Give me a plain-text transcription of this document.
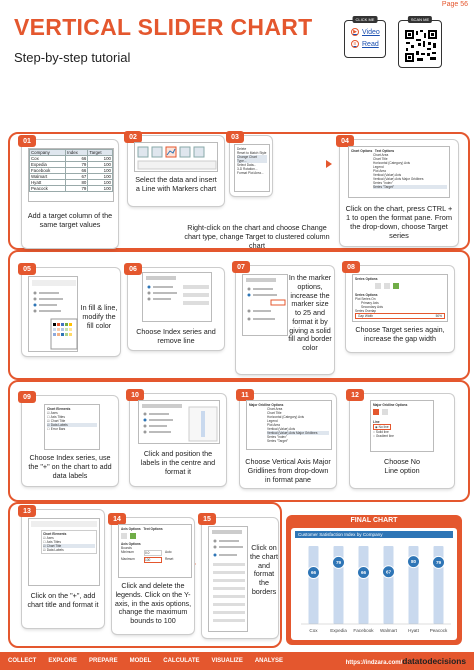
Page 56
VERTICAL SLIDER CHART
Step-by-step tutorial
CLICK ME
▶ Video
≡ Read
SCAN ME
01
Company	Index	Target
Cox	66	100
Expedia	79	100
Facebook	66	100
Walmart	67	100
Hyatt	80	100
Peacock	79	100
Add a target column of the same target values
02
Select the data and insert a Line with Markers chart
03
Delete
Reset to Match Style
Change Chart Type...
Select Data...
3-D Rotation...
Format Plot Area...
Right-click on the chart and choose Change chart type, change Target to clustered column chart
04
Chart Options Text Options
Chart Area
Chart Title
Horizontal (Category) Axis
Legend
Plot Area
Vertical (Value) Axis
Vertical (Value) Axis Major Gridlines
Series "Index"
Series "Target"
Click on the chart, press CTRL + 1 to open the format pane. From the drop-down, choose Target series
05
In fill & line, modify the fill color
06
Choose Index series and remove line
07
In the marker options, increase the marker size to 25 and format it by giving a solid fill and border color
08
Series Options
Series Options
Plot Series On
Primary Axis
Secondary Axis
Series Overlap
Gap Width	50%
Choose Target series again, increase the gap width
09
Chart Elements
☑ Axes
☐ Axis Titles
☑ Chart Title
☑ Data Labels
☐ Error Bars
Choose Index series, use the "+" on the chart to add data labels
10
Click and position the labels in the centre and format it
11
Major Gridline Options
Chart Area
Chart Title
Horizontal (Category) Axis
Legend
Plot Area
Vertical (Value) Axis
Vertical (Value) Axis Major Gridlines
Series "Index"
Series "Target"
Choose Vertical Axis Major Gridlines from drop-down in format pane
12
Major Gridline Options
Line
◉ No line
○ Solid line
○ Gradient line
Choose No Line option
13
Chart Elements
☑ Axes
☐ Axis Titles
☑ Chart Title
☑ Data Labels
Click on the "+", add chart title and format it
14
Axis Options Text Options
Axis Options
Bounds
Minimum	0.0	Auto
Maximum	100	Reset
Click and delete the legends. Click on the Y-axis, in the axis options, change the maximum bounds to 100
15
Click on the chart and format the borders
FINAL CHART
Customer Satisfaction Index by Company
66
Cox
79
Expedia
66
Facebook
67
Walmart
80
Hyatt
79
Peacock
COLLECT EXPLORE PREPARE MODEL CALCULATE VISUALIZE ANALYSE	https://indzara.com/datatodecisions
